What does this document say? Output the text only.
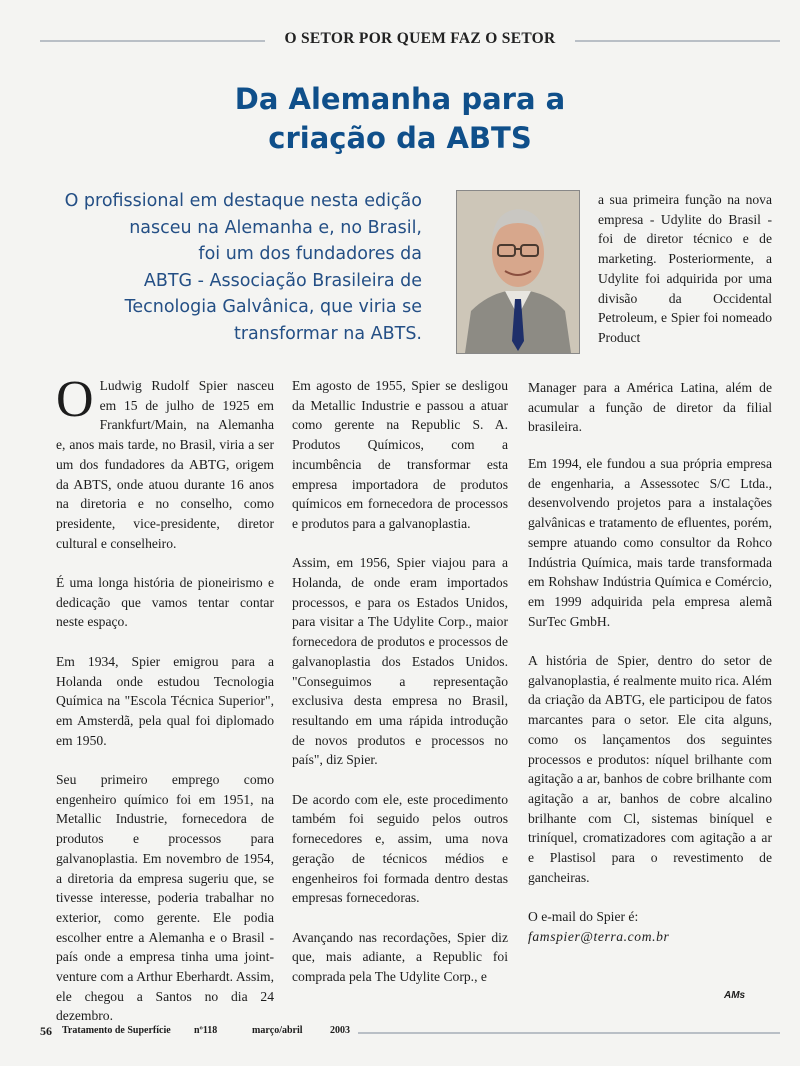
O SETOR POR QUEM FAZ O SETOR
Da Alemanha para a
criação da ABTS
O profissional em destaque nesta edição
nasceu na Alemanha e, no Brasil,
foi um dos fundadores da
ABTG - Associação Brasileira de
Tecnologia Galvânica, que viria se
transformar na ABTS.

a sua primeira função na nova empresa - Udylite do Brasil - foi de diretor técnico e de marketing. Posteriormente, a Udylite foi adquirida por uma divisão da Occidental Petroleum, e Spier foi nomeado Product

O Ludwig Rudolf Spier nasceu em 15 de julho de 1925 em Frankfurt/Main, na Alemanha e, anos mais tarde, no Brasil, viria a ser um dos fundadores da ABTG, origem da ABTS, onde atuou durante 16 anos na diretoria e no conselho, como presidente, vice-presidente, diretor cultural e conselheiro.

É uma longa história de pioneirismo e dedicação que vamos tentar contar neste espaço.

Em 1934, Spier emigrou para a Holanda onde estudou Tecnologia Química na "Escola Técnica Superior", em Amsterdã, pela qual foi diplomado em 1950.

Seu primeiro emprego como engenheiro químico foi em 1951, na Metallic Industrie, fornecedora de produtos e processos para galvanoplastia. Em novembro de 1954, a diretoria da empresa sugeriu que, se tivesse interesse, poderia trabalhar no exterior, como gerente. Ele podia escolher entre a Alemanha e o Brasil - país onde a empresa tinha uma joint-venture com a Arthur Eberhardt. Assim, ele chegou a Santos no dia 24 dezembro.

Em agosto de 1955, Spier se desligou da Metallic Industrie e passou a atuar como gerente na Republic S. A. Produtos Químicos, com a incumbência de transformar esta empresa importadora de produtos químicos em fornecedora de processos e produtos para a galvanoplastia.

Assim, em 1956, Spier viajou para a Holanda, de onde eram importados processos, e para os Estados Unidos, para visitar a The Udylite Corp., maior fornecedora de produtos e processos de galvanoplastia dos Estados Unidos. "Conseguimos a representação exclusiva desta empresa no Brasil, resultando em uma rápida introdução de novos produtos e processos no país", diz Spier.

De acordo com ele, este procedimento também foi seguido pelos outros fornecedores e, assim, uma nova geração de técnicos médios e engenheiros foi formada dentro destas empresas fornecedoras.

Avançando nas recordações, Spier diz que, mais adiante, a Republic foi comprada pela The Udylite Corp., e

Manager para a América Latina, além de acumular a função de diretor da filial brasileira.

Em 1994, ele fundou a sua própria empresa de engenharia, a Assessotec S/C Ltda., desenvolvendo projetos para a instalações galvânicas e tratamento de efluentes, porém, sempre atuando como consultor da Rohco Indústria Química, mais tarde transformada em Rohshaw Indústria Química e Comércio, em 1999 adquirida pela empresa alemã SurTec GmbH.

A história de Spier, dentro do setor de galvanoplastia, é realmente muito rica. Além da criação da ABTG, ele participou de fatos marcantes para o setor. Ele cita alguns, como os lançamentos dos seguintes processos e produtos: níquel brilhante com agitação a ar, banhos de cobre brilhante com agitação a ar, banhos de cobre alcalino brilhante com Cl, sistemas biníquel e triníquel, cromatizadores com agitação a ar e Plastisol para o revestimento de gancheiras.

O e-mail do Spier é:
famspier@terra.com.br

AMs
56 Tratamento de Superfície nº118	março/abril	2003
